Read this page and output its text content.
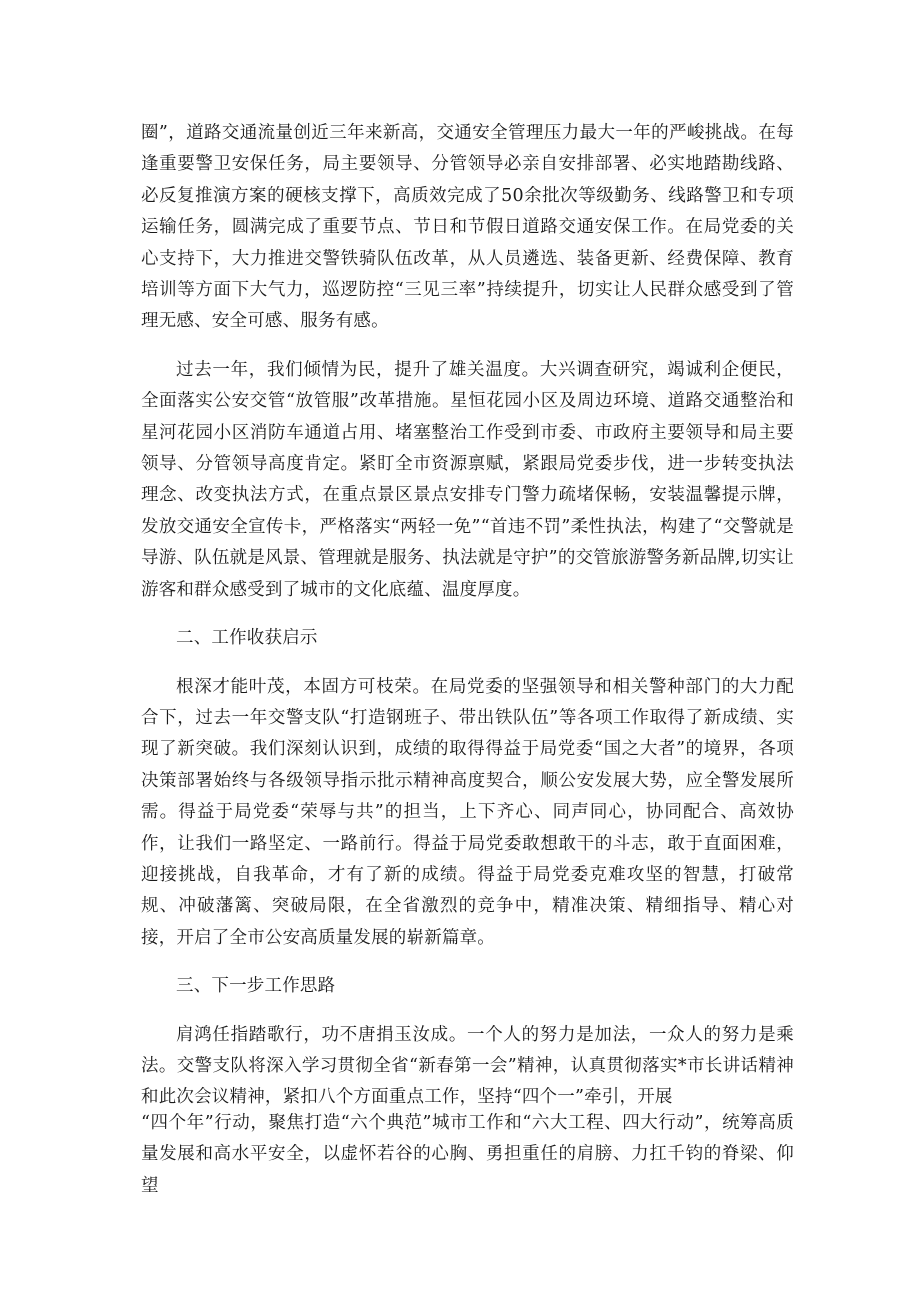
圈”，道路交通流量创近三年来新高，交通安全管理压力最大一年的严峻挑战。在每逢重要警卫安保任务，局主要领导、分管领导必亲自安排部署、必实地踏勘线路、必反复推演方案的硬核支撑下，高质效完成了50余批次等级勤务、线路警卫和专项运输任务，圆满完成了重要节点、节日和节假日道路交通安保工作。在局党委的关心支持下，大力推进交警铁骑队伍改革，从人员遴选、装备更新、经费保障、教育培训等方面下大气力，巡逻防控“三见三率”持续提升，切实让人民群众感受到了管理无感、安全可感、服务有感。

过去一年，我们倾情为民，提升了雄关温度。大兴调查研究，竭诚利企便民，全面落实公安交管“放管服”改革措施。星恒花园小区及周边环境、道路交通整治和星河花园小区消防车通道占用、堵塞整治工作受到市委、市政府主要领导和局主要领导、分管领导高度肯定。紧盯全市资源禀赋，紧跟局党委步伐，进一步转变执法理念、改变执法方式，在重点景区景点安排专门警力疏堵保畅，安装温馨提示牌，发放交通安全宣传卡，严格落实“两轻一免”“首违不罚”柔性执法，构建了“交警就是导游、队伍就是风景、管理就是服务、执法就是守护”的交管旅游警务新品牌,切实让游客和群众感受到了城市的文化底蕴、温度厚度。

二、工作收获启示

根深才能叶茂，本固方可枝荣。在局党委的坚强领导和相关警种部门的大力配合下，过去一年交警支队“打造钢班子、带出铁队伍”等各项工作取得了新成绩、实现了新突破。我们深刻认识到，成绩的取得得益于局党委“国之大者”的境界，各项决策部署始终与各级领导指示批示精神高度契合，顺公安发展大势，应全警发展所需。得益于局党委“荣辱与共”的担当，上下齐心、同声同心，协同配合、高效协作，让我们一路坚定、一路前行。得益于局党委敢想敢干的斗志，敢于直面困难，迎接挑战，自我革命，才有了新的成绩。得益于局党委克难攻坚的智慧，打破常规、冲破藩篱、突破局限，在全省激烈的竞争中，精准决策、精细指导、精心对接，开启了全市公安高质量发展的崭新篇章。

三、下一步工作思路

肩鸿任指踏歌行，功不唐捐玉汝成。一个人的努力是加法，一众人的努力是乘法。交警支队将深入学习贯彻全省“新春第一会”精神，认真贯彻落实*市长讲话精神和此次会议精神，紧扣八个方面重点工作，坚持“四个一”牵引，开展

“四个年”行动，聚焦打造“六个典范”城市工作和“六大工程、四大行动”，统筹高质量发展和高水平安全，以虚怀若谷的心胸、勇担重任的肩膀、力扛千钧的脊梁、仰望
